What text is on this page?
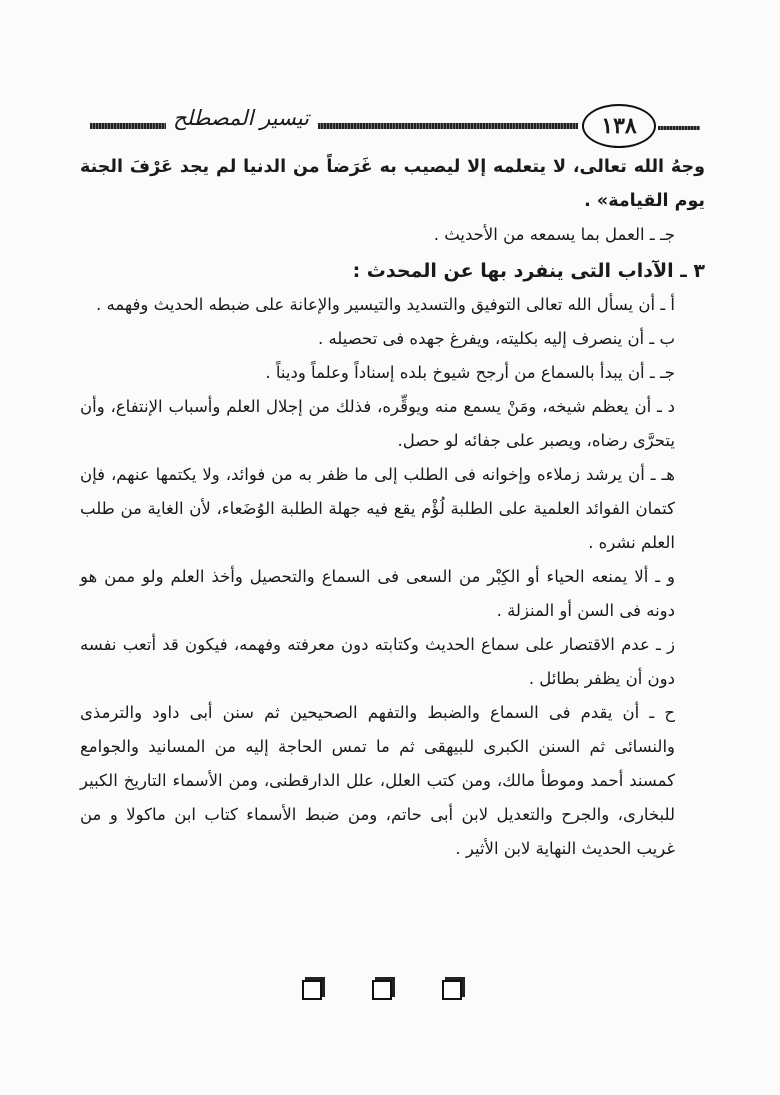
تيسير المصطلح	١٣٨

وجهُ الله تعالى، لا يتعلمه إلا ليصيب به غَرَضاً من الدنيا لم يجد عَرْفَ الجنة يوم القيامة» .

جـ ـ العمل بما يسمعه من الأحديث .

٣ ـ الآداب التى ينفرد بها عن المحدث :

أ ـ أن يسأل الله تعالى التوفيق والتسديد والتيسير والإعانة على ضبطه الحديث وفهمه .

ب ـ أن ينصرف إليه بكليته، ويفرغ جهده فى تحصيله .

جـ ـ أن يبدأ بالسماع من أرجح شيوخ بلده إسناداً وعلماً وديناً .

د ـ أن يعظم شيخه، ومَنْ يسمع منه ويوقِّره، فذلك من إجلال العلم وأسباب الإنتفاع، وأن يتحرَّى رضاه، ويصبر على جفائه لو حصل.

هـ ـ أن يرشد زملاءه وإخوانه فى الطلب إلى ما ظفر به من فوائد، ولا يكتمها عنهم، فإن كتمان الفوائد العلمية على الطلبة لُؤْم يقع فيه جهلة الطلبة الوُضَعاء، لأن الغاية من طلب العلم نشره .

و ـ ألا يمنعه الحياء أو الكِبْر من السعى فى السماع والتحصيل وأخذ العلم ولو ممن هو دونه فى السن أو المنزلة .

ز ـ عدم الاقتصار على سماع الحديث وكتابته دون معرفته وفهمه، فيكون قد أتعب نفسه دون أن يظفر بطائل .

ح ـ أن يقدم فى السماع والضبط والتفهم الصحيحين ثم سنن أبى داود والترمذى والنسائى ثم السنن الكبرى للبيهقى ثم ما تمس الحاجة إليه من المسانيد والجوامع كمسند أحمد وموطأ مالك، ومن كتب العلل، علل الدارقطنى، ومن الأسماء التاريخ الكبير للبخارى، والجرح والتعديل لابن أبى حاتم، ومن ضبط الأسماء كتاب ابن ماكولا و من غريب الحديث النهاية لابن الأثير .
